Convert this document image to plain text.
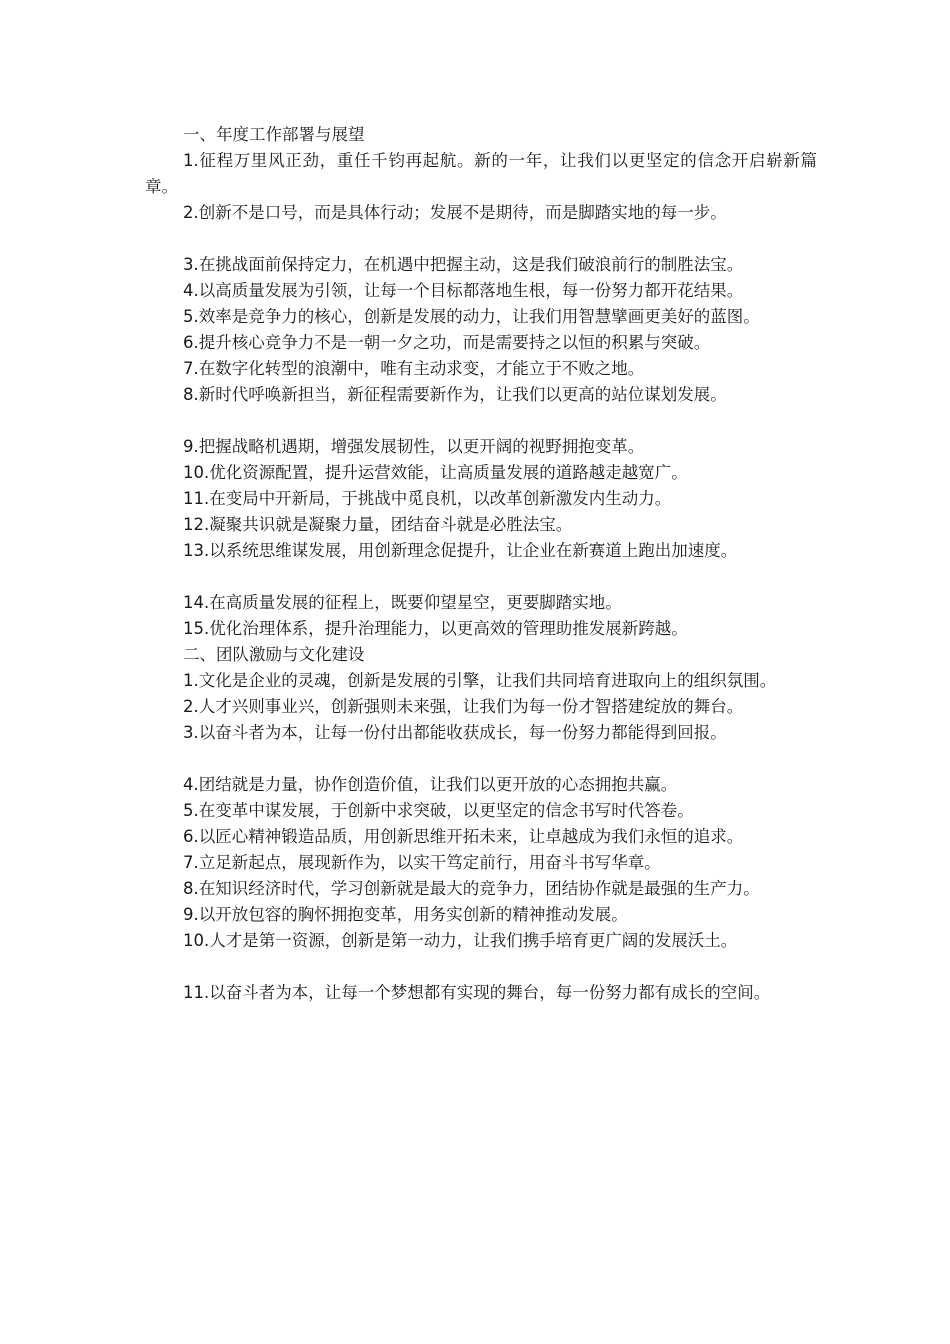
一、年度工作部署与展望

1.征程万里风正劲，重任千钧再起航。新的一年，让我们以更坚定的信念开启崭新篇章。

2.创新不是口号，而是具体行动；发展不是期待，而是脚踏实地的每一步。

3.在挑战面前保持定力，在机遇中把握主动，这是我们破浪前行的制胜法宝。

4.以高质量发展为引领，让每一个目标都落地生根，每一份努力都开花结果。

5.效率是竞争力的核心，创新是发展的动力，让我们用智慧擘画更美好的蓝图。

6.提升核心竞争力不是一朝一夕之功，而是需要持之以恒的积累与突破。

7.在数字化转型的浪潮中，唯有主动求变，才能立于不败之地。

8.新时代呼唤新担当，新征程需要新作为，让我们以更高的站位谋划发展。

9.把握战略机遇期，增强发展韧性，以更开阔的视野拥抱变革。

10.优化资源配置，提升运营效能，让高质量发展的道路越走越宽广。

11.在变局中开新局，于挑战中觅良机，以改革创新激发内生动力。

12.凝聚共识就是凝聚力量，团结奋斗就是必胜法宝。

13.以系统思维谋发展，用创新理念促提升，让企业在新赛道上跑出加速度。

14.在高质量发展的征程上，既要仰望星空，更要脚踏实地。

15.优化治理体系，提升治理能力，以更高效的管理助推发展新跨越。

二、团队激励与文化建设

1.文化是企业的灵魂，创新是发展的引擎，让我们共同培育进取向上的组织氛围。

2.人才兴则事业兴，创新强则未来强，让我们为每一份才智搭建绽放的舞台。

3.以奋斗者为本，让每一份付出都能收获成长，每一份努力都能得到回报。

4.团结就是力量，协作创造价值，让我们以更开放的心态拥抱共赢。

5.在变革中谋发展，于创新中求突破，以更坚定的信念书写时代答卷。

6.以匠心精神锻造品质，用创新思维开拓未来，让卓越成为我们永恒的追求。

7.立足新起点，展现新作为，以实干笃定前行，用奋斗书写华章。

8.在知识经济时代，学习创新就是最大的竞争力，团结协作就是最强的生产力。

9.以开放包容的胸怀拥抱变革，用务实创新的精神推动发展。

10.人才是第一资源，创新是第一动力，让我们携手培育更广阔的发展沃土。

11.以奋斗者为本，让每一个梦想都有实现的舞台，每一份努力都有成长的空间。
